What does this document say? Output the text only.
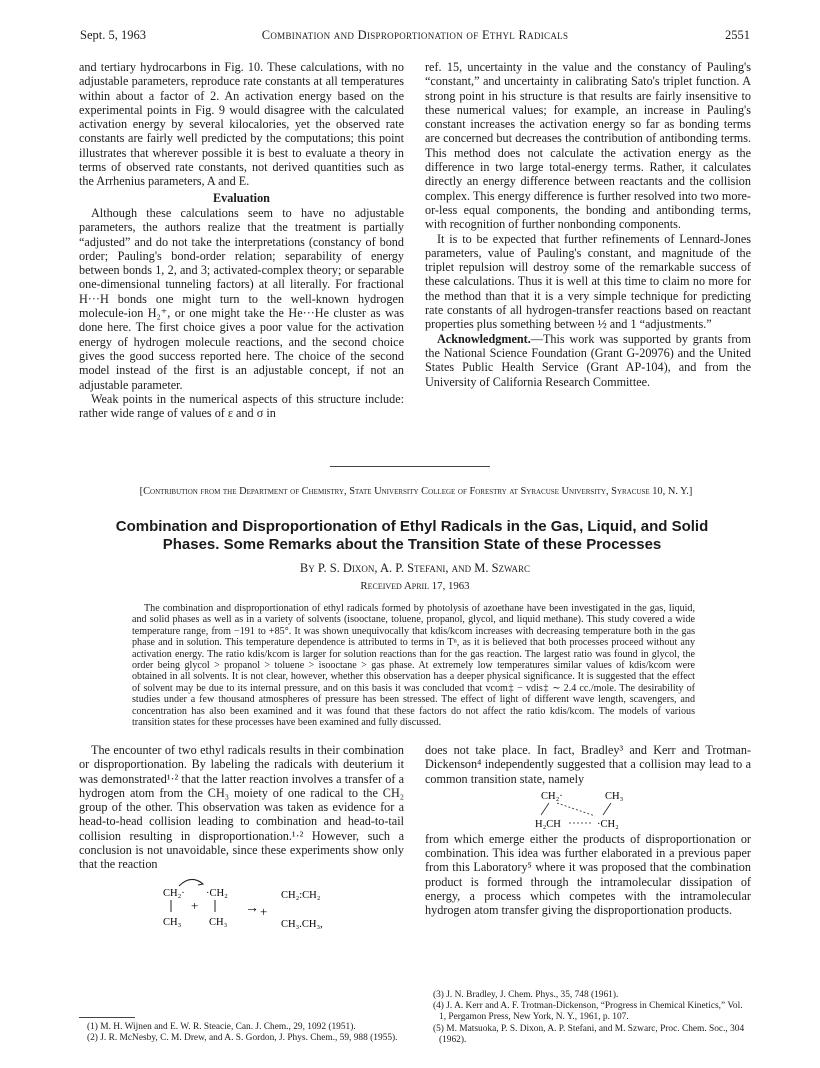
Sept. 5, 1963	Combination and Disproportionation of Ethyl Radicals	2551

and tertiary hydrocarbons in Fig. 10. These calculations, with no adjustable parameters, reproduce rate constants at all temperatures within about a factor of 2. An activation energy based on the experimental points in Fig. 9 would disagree with the calculated activation energy by several kilocalories, yet the observed rate constants are fairly well predicted by the computations; this point illustrates that wherever possible it is best to evaluate a theory in terms of observed rate constants, not derived quantities such as the Arrhenius parameters, A and E.

Evaluation

Although these calculations seem to have no adjustable parameters, the authors realize that the treatment is partially “adjusted” and do not take the interpretations (constancy of bond order; Pauling's bond-order relation; separability of energy between bonds 1, 2, and 3; activated-complex theory; or separable one-dimensional tunneling factors) at all literally. For fractional H···H bonds one might turn to the well-known hydrogen molecule-ion H₂⁺, or one might take the He···He cluster as was done here. The first choice gives a poor value for the activation energy of hydrogen molecule reactions, and the second choice gives the good success reported here. The choice of the second model instead of the first is an adjustable concept, if not an adjustable parameter.

Weak points in the numerical aspects of this structure include: rather wide range of values of ε and σ in

ref. 15, uncertainty in the value and the constancy of Pauling's “constant,” and uncertainty in calibrating Sato's triplet function. A strong point in his structure is that results are fairly insensitive to these numerical values; for example, an increase in Pauling's constant increases the activation energy so far as bonding terms are concerned but decreases the contribution of antibonding terms. This method does not calculate the activation energy as the difference in two large total-energy terms. Rather, it calculates directly an energy difference between reactants and the collision complex. This energy difference is further resolved into two more-or-less equal components, the bonding and antibonding terms, with recognition of further nonbonding components.

It is to be expected that further refinements of Lennard-Jones parameters, value of Pauling's constant, and magnitude of the triplet repulsion will destroy some of the remarkable success of these calculations. Thus it is well at this time to claim no more for the method than that it is a very simple technique for predicting rate constants of all hydrogen-transfer reactions based on reactant properties plus something between ½ and 1 “adjustments.”

Acknowledgment.—This work was supported by grants from the National Science Foundation (Grant G-20976) and the United States Public Health Service (Grant AP-104), and from the University of California Research Committee.

[Contribution from the Department of Chemistry, State University College of Forestry at Syracuse University, Syracuse 10, N. Y.]
Combination and Disproportionation of Ethyl Radicals in the Gas, Liquid, and Solid Phases. Some Remarks about the Transition State of these Processes
By P. S. Dixon, A. P. Stefani, and M. Szwarc
Received April 17, 1963
The combination and disproportionation of ethyl radicals formed by photolysis of azoethane have been investigated in the gas, liquid, and solid phases as well as in a variety of solvents (isooctane, toluene, propanol, glycol, and liquid methane). This study covered a wide temperature range, from −191 to +85°. It was shown unequivocally that kdis/kcom increases with decreasing temperature both in the gas phase and in solution. This temperature dependence is attributed to terms in Tⁿ, as it is believed that both processes proceed without any activation energy. The ratio kdis/kcom is larger for solution reactions than for the gas reaction. The largest ratio was found in glycol, the order being glycol > propanol > toluene > isooctane > gas phase. At extremely low temperatures similar values of kdis/kcom were obtained in all solvents. It is not clear, however, whether this observation has a deeper physical significance. It is suggested that the effect of solvent may be due to its internal pressure, and on this basis it was concluded that vcom‡ − vdis‡ ∼ 2.4 cc./mole. The desirability of studies under a few thousand atmospheres of pressure has been stressed. The effect of light of different wave length, scavengers, and concentration has also been examined and it was found that these factors do not affect the ratio kdis/kcom. The models of various transition states for these processes have been examined and fully discussed.

The encounter of two ethyl radicals results in their combination or disproportionation. By labeling the radicals with deuterium it was demonstrated¹·² that the latter reaction involves a transfer of a hydrogen atom from the CH₃ moiety of one radical to the CH₂ group of the other. This observation was taken as evidence for a head-to-head collision leading to combination and head-to-tail collision resulting in disproportionation.¹·² However, such a conclusion is not unavoidable, since these experiments show only that the reaction

CH₂·
CH₃
+
·CH₂
CH₃
→ +
CH₂:CH₂
CH₃.CH₃,

(1) M. H. Wijnen and E. W. R. Steacie, Can. J. Chem., 29, 1092 (1951).

(2) J. R. McNesby, C. M. Drew, and A. S. Gordon, J. Phys. Chem., 59, 988 (1955).

does not take place. In fact, Bradley³ and Kerr and Trotman-Dickenson⁴ independently suggested that a collision may lead to a common transition state, namely

CH₂·	CH₃
H₂CH	·CH₂

from which emerge either the products of disproportionation or combination. This idea was further elaborated in a previous paper from this Laboratory⁵ where it was proposed that the combination product is formed through the intramolecular dissipation of energy, a process which competes with the intramolecular hydrogen atom transfer giving the disproportionation products.

(3) J. N. Bradley, J. Chem. Phys., 35, 748 (1961).

(4) J. A. Kerr and A. F. Trotman-Dickenson, “Progress in Chemical Kinetics,” Vol. 1, Pergamon Press, New York, N. Y., 1961, p. 107.

(5) M. Matsuoka, P. S. Dixon, A. P. Stefani, and M. Szwarc, Proc. Chem. Soc., 304 (1962).
